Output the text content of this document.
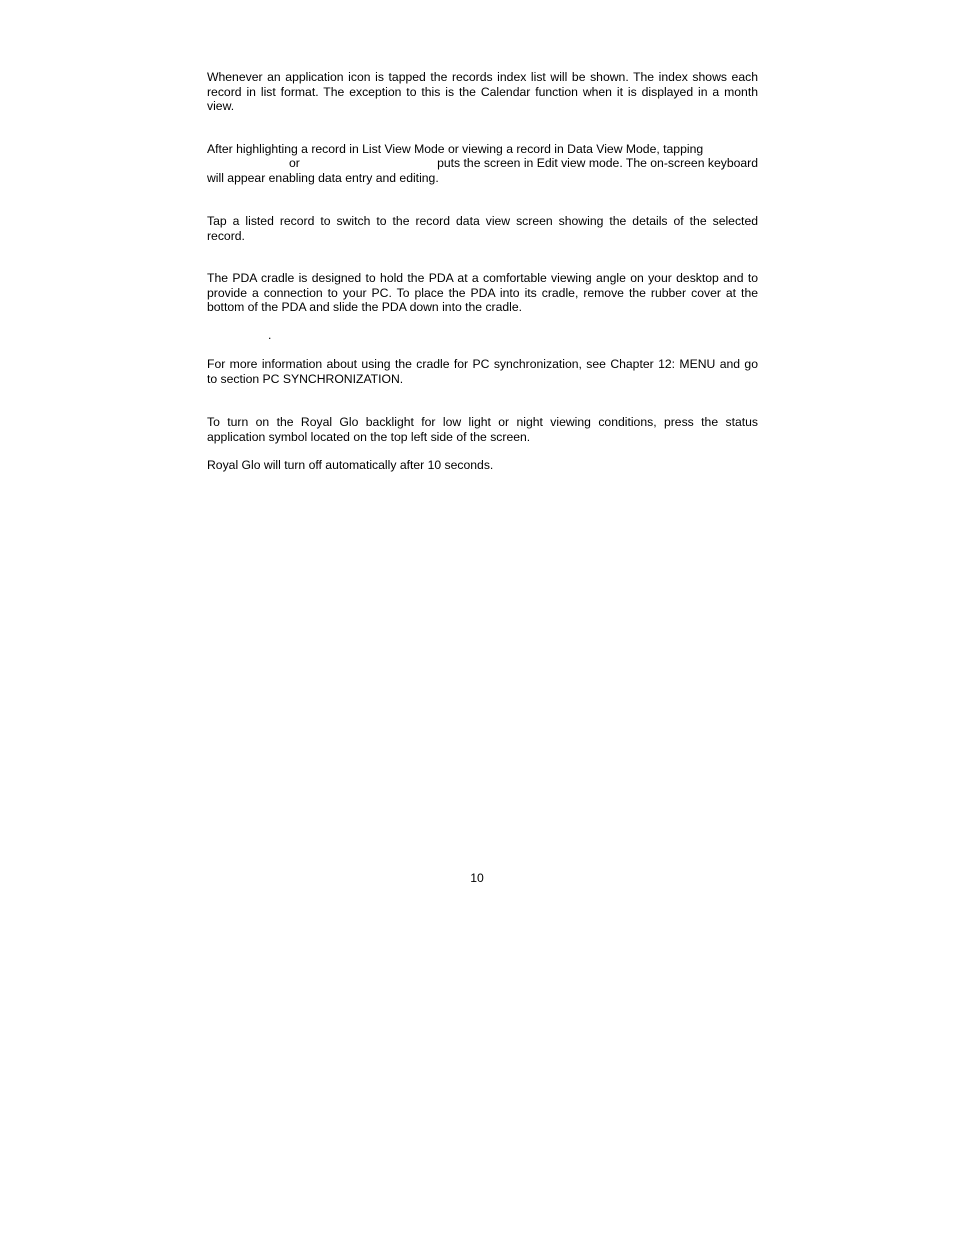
Whenever an application icon is tapped the records index list will be shown. The index shows each
record in list format. The exception to this is the Calendar function when it is displayed in a month
view.

After highlighting a record in List View Mode or viewing a record in Data View Mode, tapping
or	puts the screen in Edit view mode. The on-screen keyboard
will appear enabling data entry and editing.

Tap a listed record to switch to the record data view screen showing the details of the selected
record.

The PDA cradle is designed to hold the PDA at a comfortable viewing angle on your desktop and to
provide a connection to your PC. To place the PDA into its cradle, remove the rubber cover at the
bottom of the PDA and slide the PDA down into the cradle.

.

For more information about using the cradle for PC synchronization, see Chapter 12: MENU and go
to section PC SYNCHRONIZATION.

To turn on the Royal Glo backlight for low light or night viewing conditions, press the status
application symbol located on the top left side of the screen.

Royal Glo will turn off automatically after 10 seconds.
10
